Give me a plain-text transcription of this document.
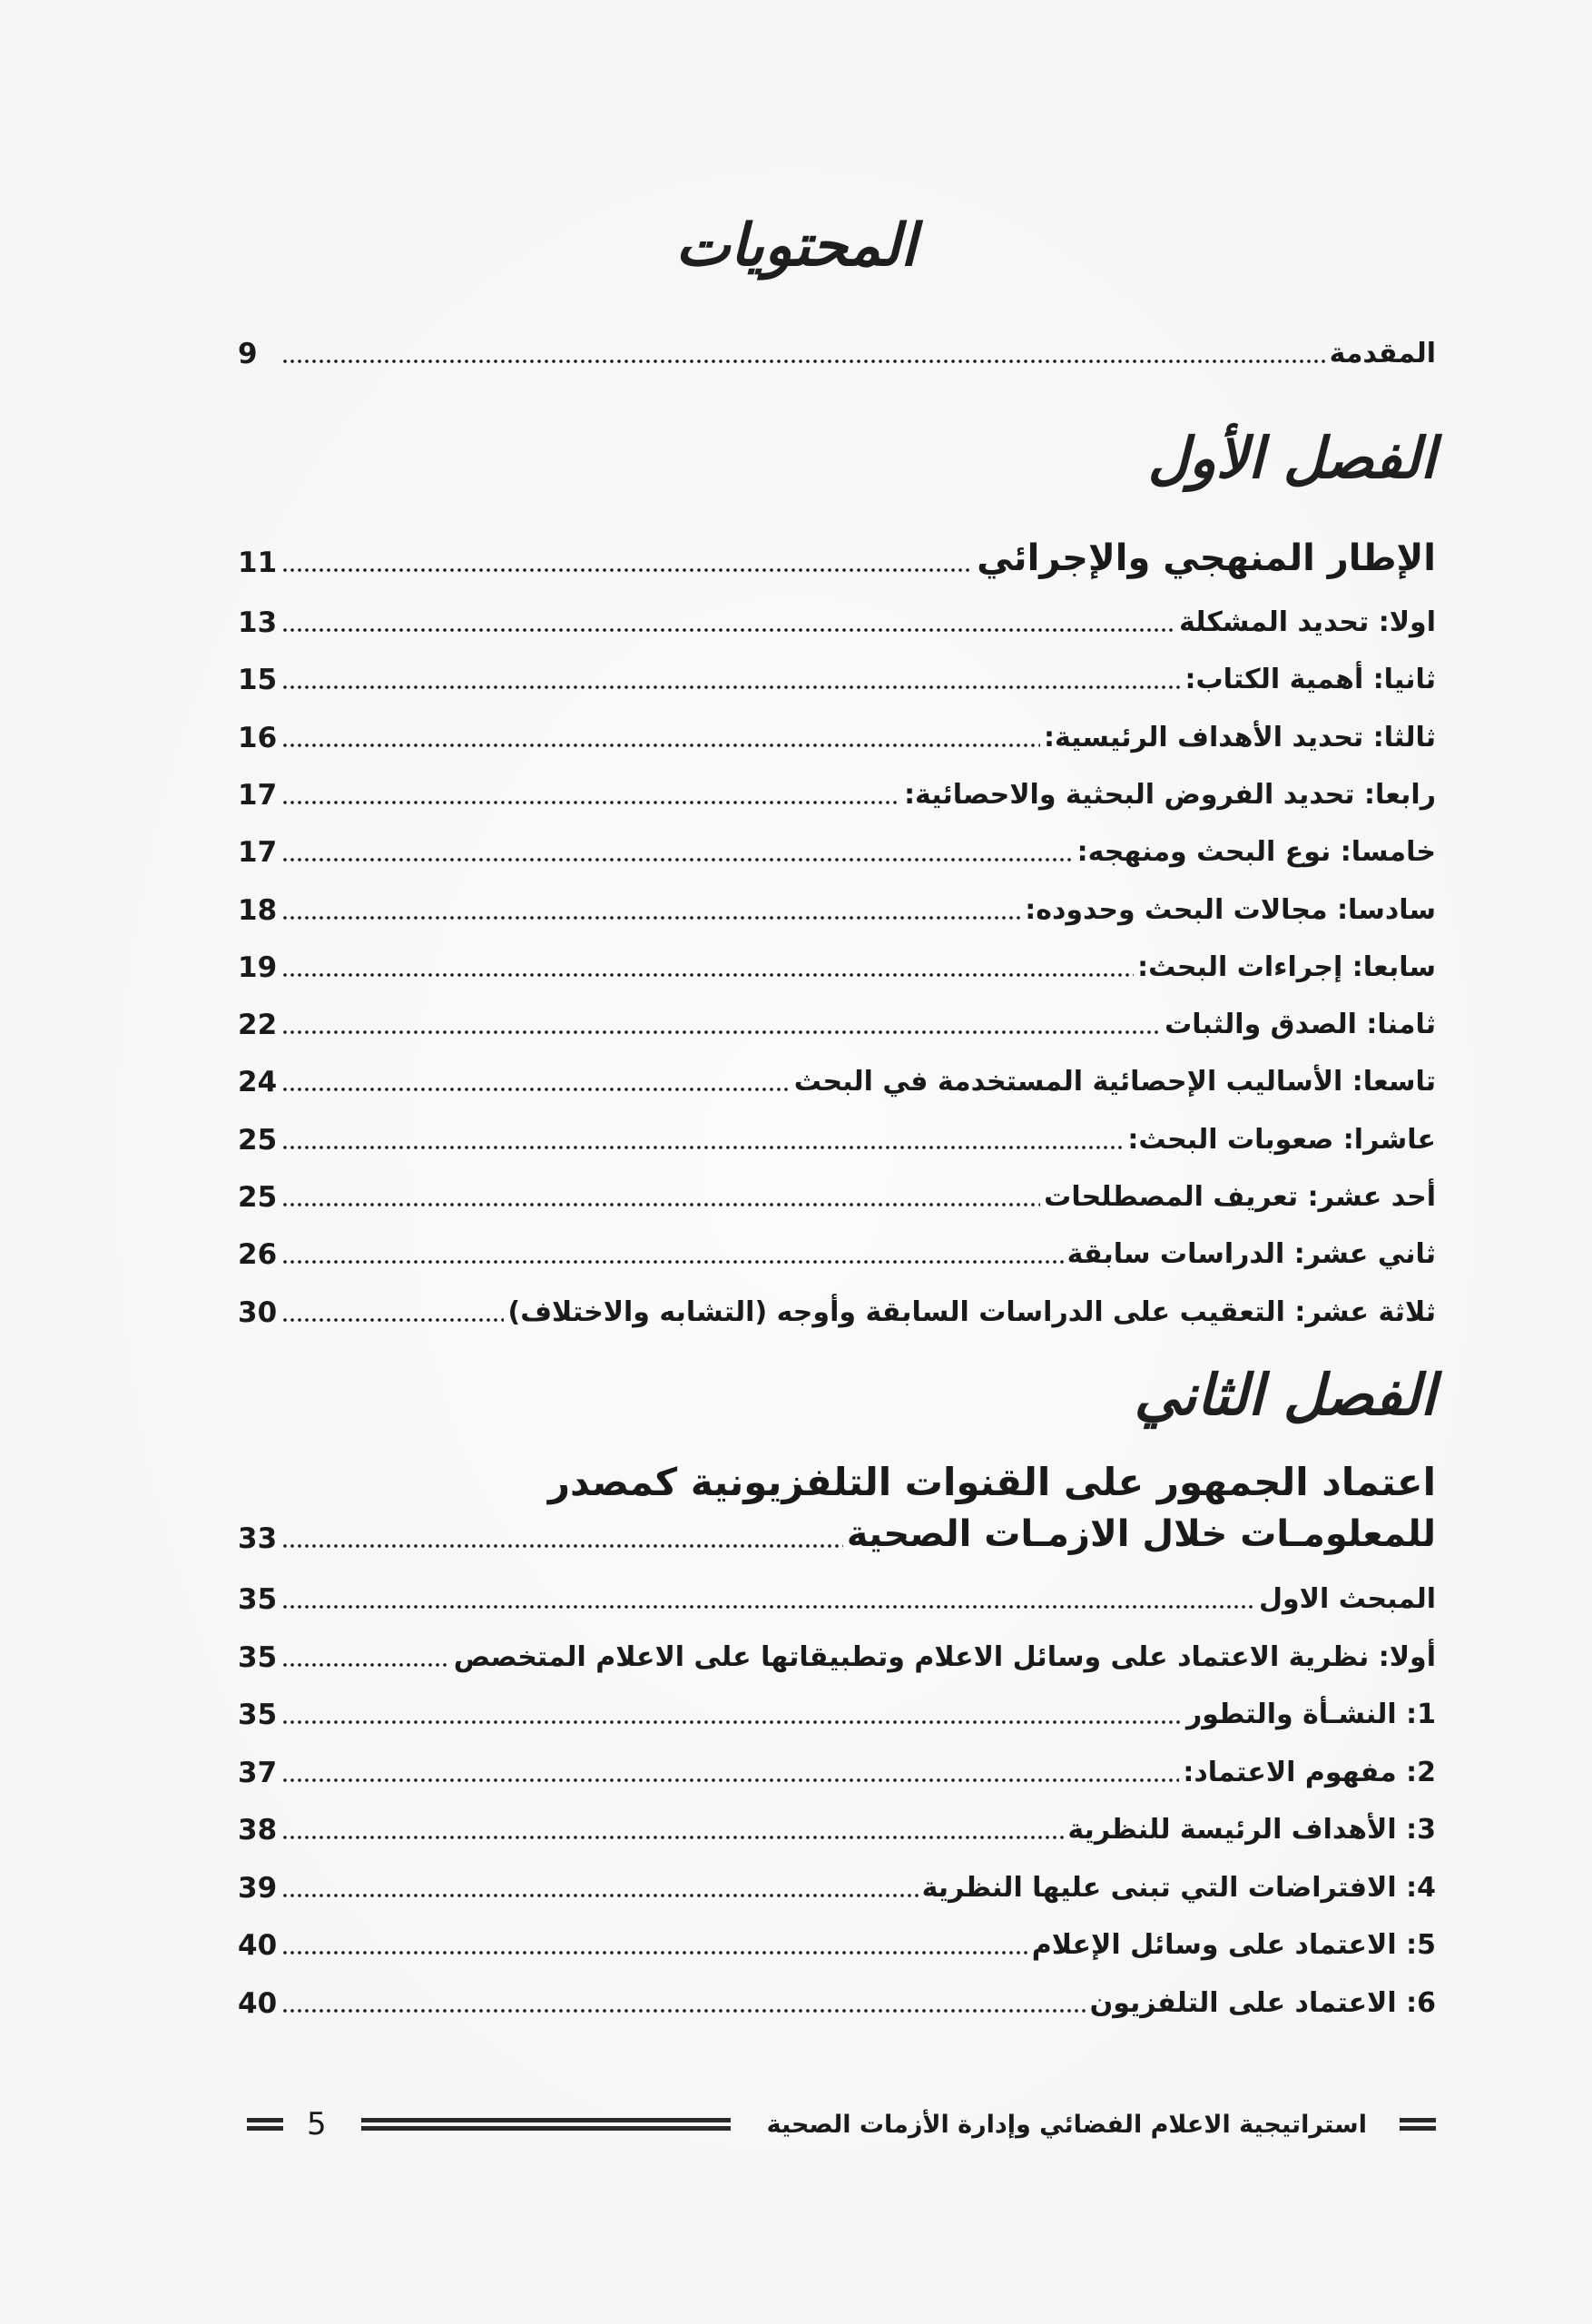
المحتويات
المقدمة
9
الفصل الأول
الإطار المنهجي والإجرائي
11
اولا: تحديد المشكلة
13
ثانيا: أهمية الكتاب:
15
ثالثا: تحديد الأهداف الرئيسية:
16
رابعا: تحديد الفروض البحثية والاحصائية:
17
خامسا: نوع البحث ومنهجه:
17
سادسا: مجالات البحث وحدوده:
18
سابعا: إجراءات البحث:
19
ثامنا: الصدق والثبات
22
تاسعا: الأساليب الإحصائية المستخدمة في البحث
24
عاشرا: صعوبات البحث:
25
أحد عشر: تعريف المصطلحات
25
ثاني عشر: الدراسات سابقة
26
ثلاثة عشر: التعقيب على الدراسات السابقة وأوجه (التشابه والاختلاف)
30
الفصل الثاني
اعتماد الجمهور على القنوات التلفزيونية كمصدر
للمعلومـات خلال الازمـات الصحية
33
المبحث الاول
35
أولا: نظرية الاعتماد على وسائل الاعلام وتطبيقاتها على الاعلام المتخصص
35
1: النشـأة والتطور
35
2: مفهوم الاعتماد:
37
3: الأهداف الرئيسة للنظرية
38
4: الافتراضات التي تبنى عليها النظرية
39
5: الاعتماد على وسائل الإعلام
40
6: الاعتماد على التلفزيون
40
5	استراتيجية الاعلام الفضائي وإدارة الأزمات الصحية
